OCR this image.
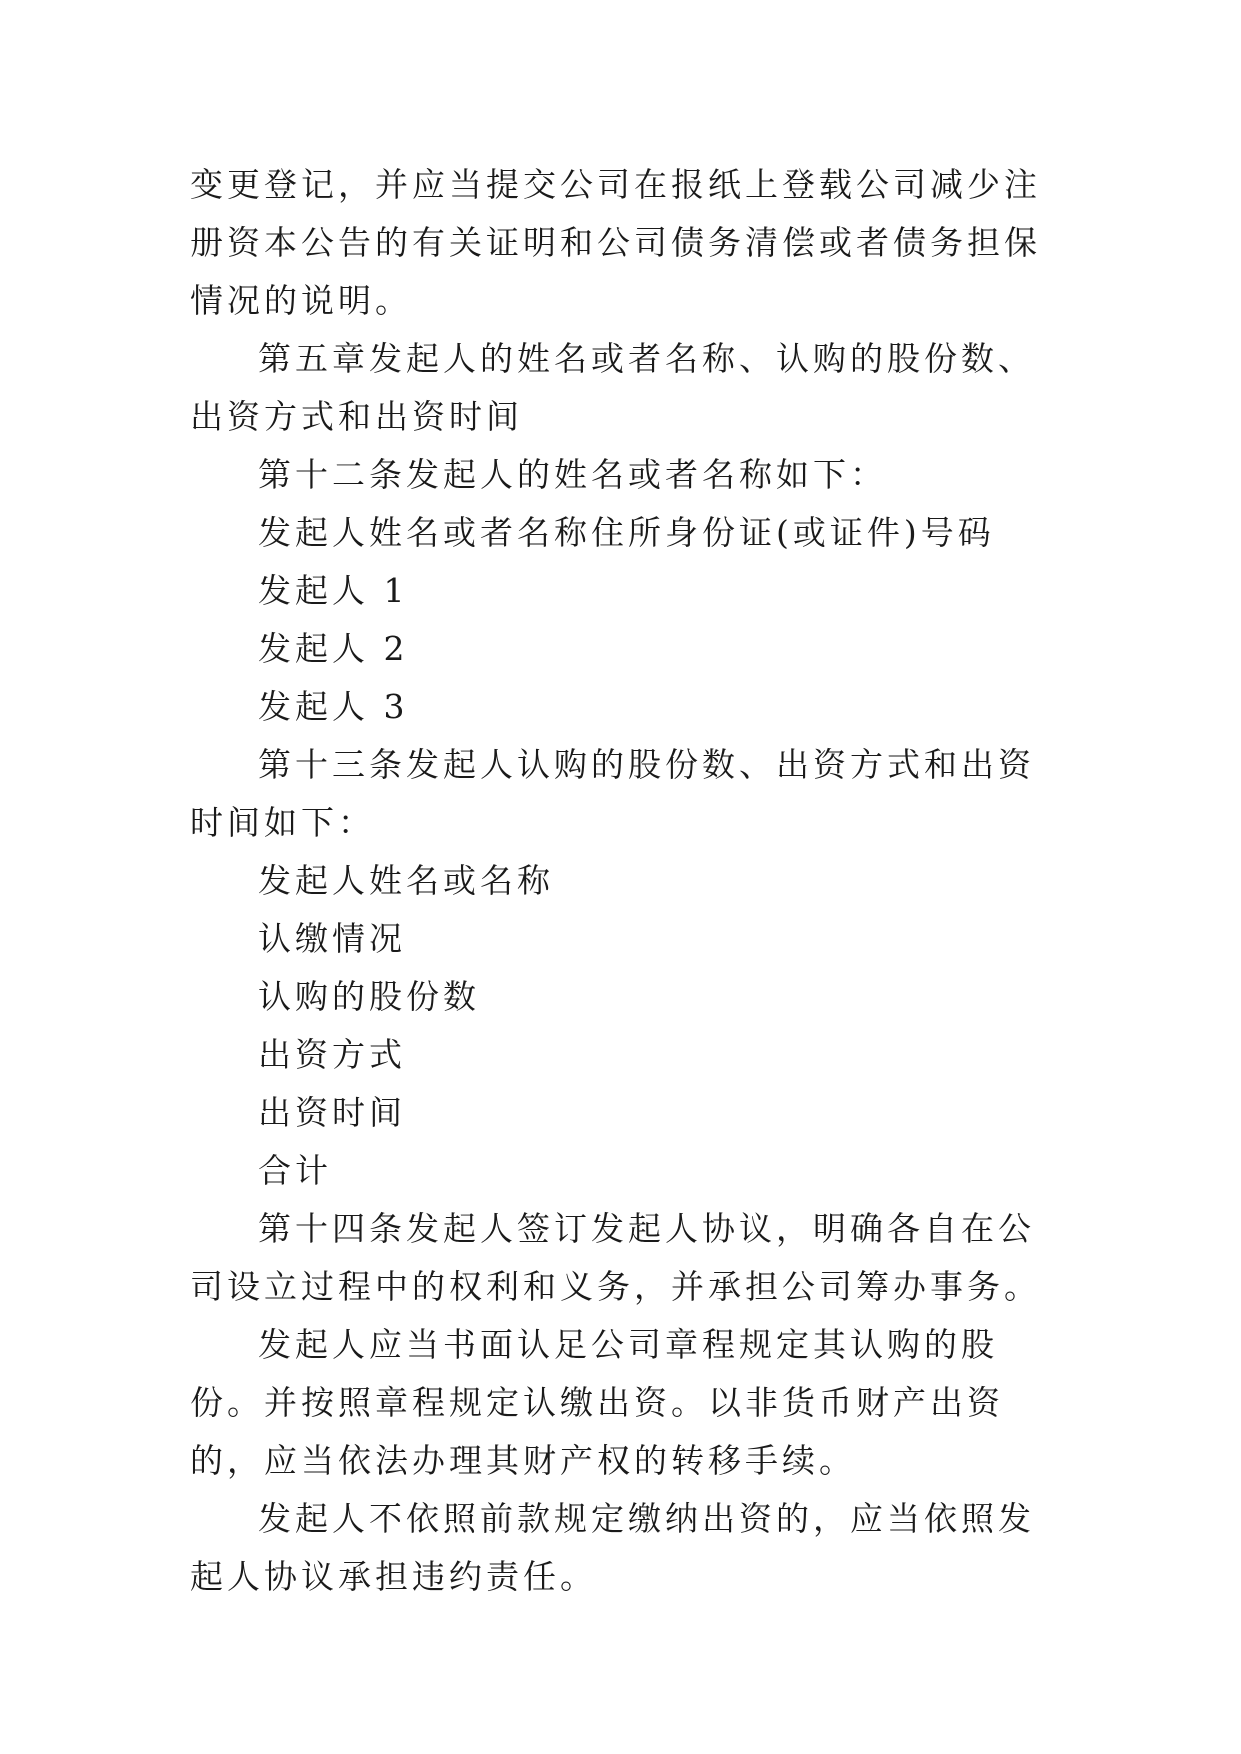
变更登记，并应当提交公司在报纸上登载公司减少注册资本公告的有关证明和公司债务清偿或者债务担保情况的说明。

第五章发起人的姓名或者名称、认购的股份数、出资方式和出资时间

第十二条发起人的姓名或者名称如下：

发起人姓名或者名称住所身份证(或证件)号码

发起人 1

发起人 2

发起人 3

第十三条发起人认购的股份数、出资方式和出资时间如下：

发起人姓名或名称

认缴情况

认购的股份数

出资方式

出资时间

合计

第十四条发起人签订发起人协议，明确各自在公司设立过程中的权利和义务，并承担公司筹办事务。

发起人应当书面认足公司章程规定其认购的股份。并按照章程规定认缴出资。以非货币财产出资的，应当依法办理其财产权的转移手续。

发起人不依照前款规定缴纳出资的，应当依照发起人协议承担违约责任。
